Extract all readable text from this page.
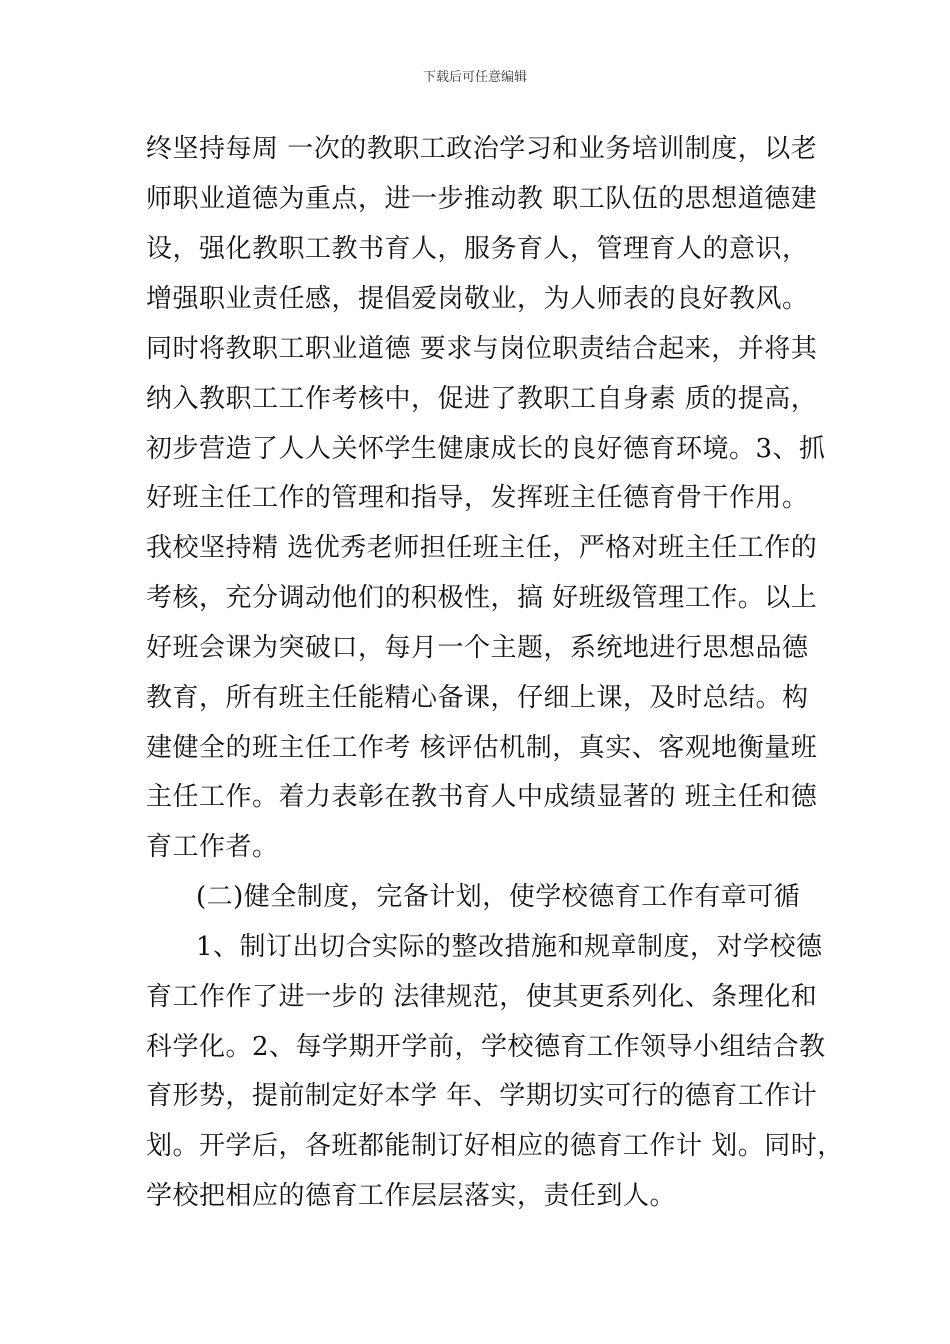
下载后可任意编辑
终坚持每周 一次的教职工政治学习和业务培训制度，以老
师职业道德为重点，进一步推动教 职工队伍的思想道德建
设，强化教职工教书育人，服务育人，管理育人的意识，
增强职业责任感，提倡爱岗敬业，为人师表的良好教风。
同时将教职工职业道德 要求与岗位职责结合起来，并将其
纳入教职工工作考核中，促进了教职工自身素 质的提高，
初步营造了人人关怀学生健康成长的良好德育环境。3、抓
好班主任工作的管理和指导，发挥班主任德育骨干作用。
我校坚持精 选优秀老师担任班主任，严格对班主任工作的
考核，充分调动他们的积极性，搞 好班级管理工作。以上
好班会课为突破口，每月一个主题，系统地进行思想品德
教育，所有班主任能精心备课，仔细上课，及时总结。构
建健全的班主任工作考 核评估机制，真实、客观地衡量班
主任工作。着力表彰在教书育人中成绩显著的 班主任和德
育工作者。
(二)健全制度，完备计划，使学校德育工作有章可循
1、制订出切合实际的整改措施和规章制度，对学校德
育工作作了进一步的 法律规范，使其更系列化、条理化和
科学化。2、每学期开学前，学校德育工作领导小组结合教
育形势，提前制定好本学 年、学期切实可行的德育工作计
划。开学后，各班都能制订好相应的德育工作计 划。同时，
学校把相应的德育工作层层落实，责任到人。
